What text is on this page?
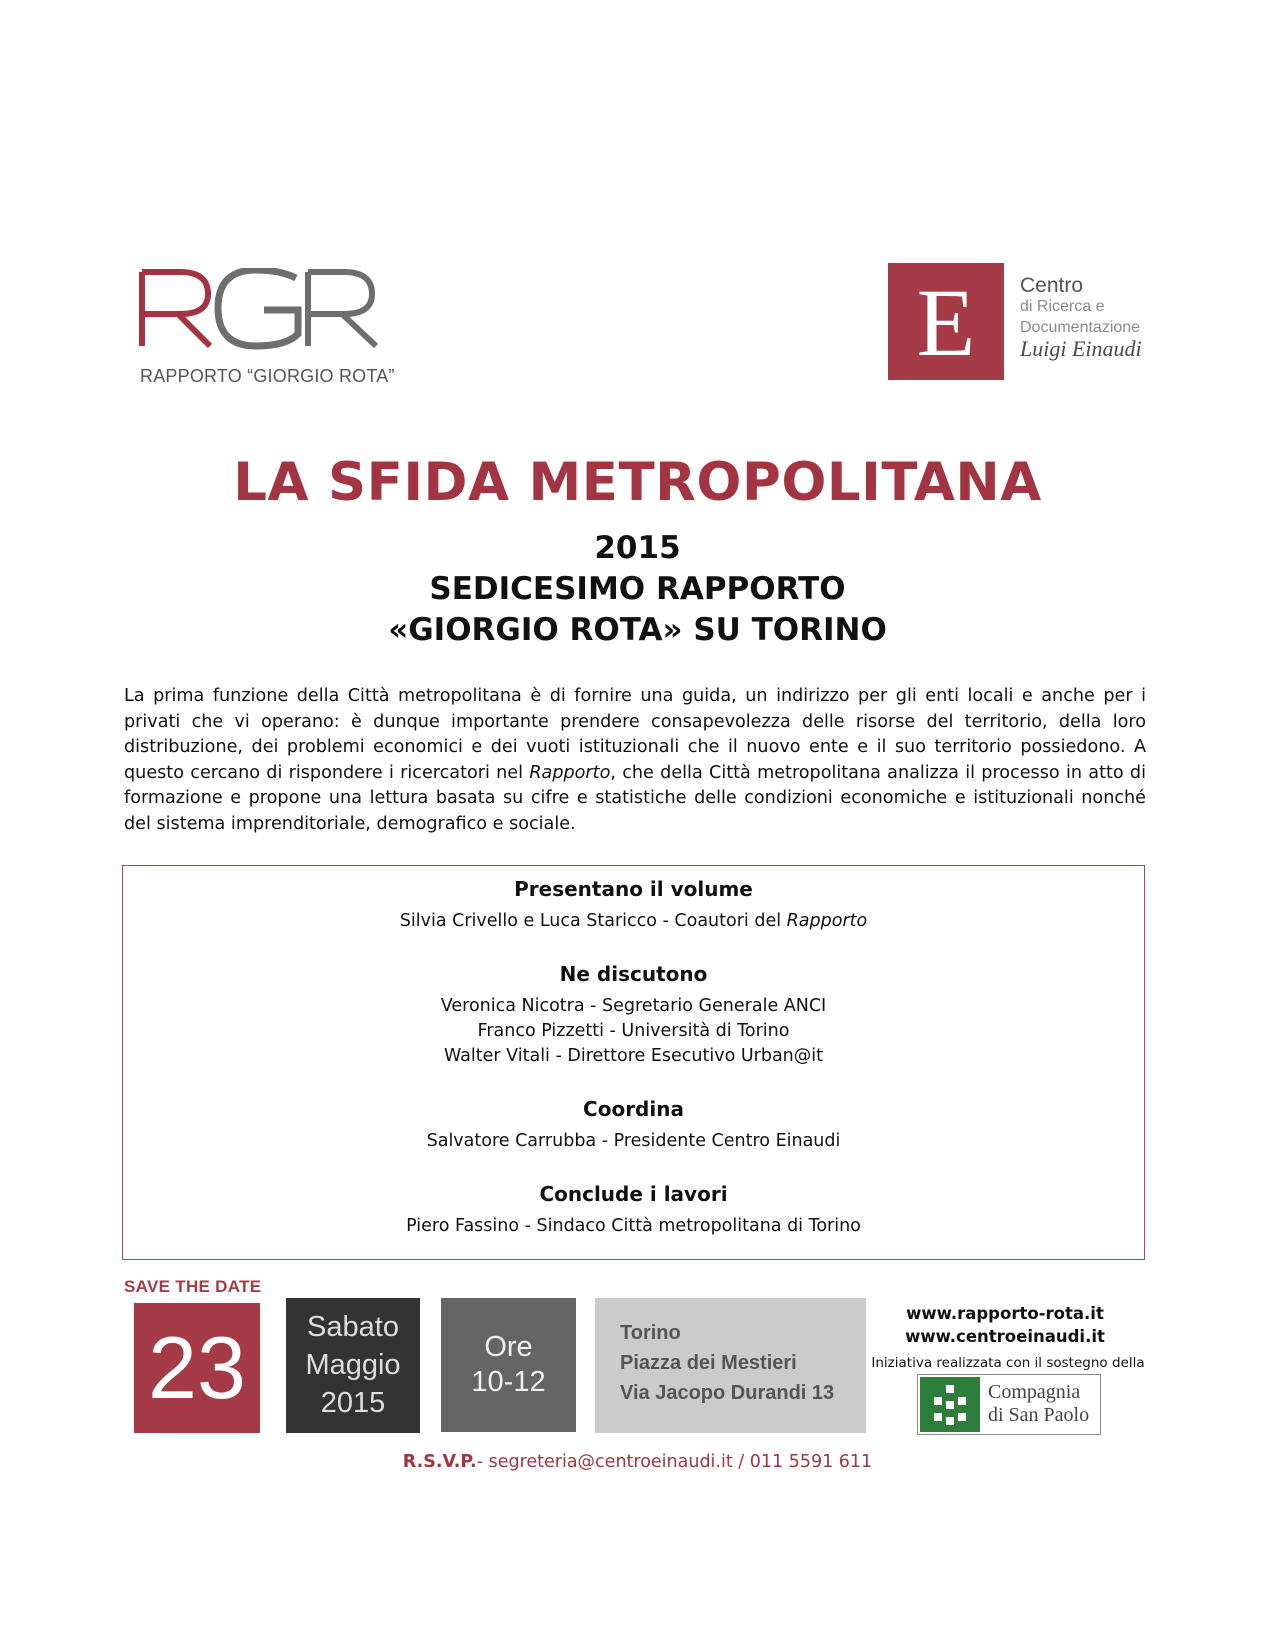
RAPPORTO “GIORGIO ROTA”	E Centro
di Ricerca e
Documentazione
Luigi Einaudi
LA SFIDA METROPOLITANA
2015
SEDICESIMO RAPPORTO
«GIORGIO ROTA» SU TORINO
La prima funzione della Città metropolitana è di fornire una guida, un indirizzo per gli enti locali e anche per i privati che vi operano: è dunque importante prendere consapevolezza delle risorse del territorio, della loro distribuzione, dei problemi economici e dei vuoti istituzionali che il nuovo ente e il suo territorio possiedono. A questo cercano di rispondere i ricercatori nel Rapporto, che della Città metropolitana analizza il processo in atto di formazione e propone una lettura basata su cifre e statistiche delle condizioni economiche e istituzionali nonché del sistema imprenditoriale, demografico e sociale.
Presentano il volume
Silvia Crivello e Luca Staricco - Coautori del Rapporto
Ne discutono
Veronica Nicotra - Segretario Generale ANCI
Franco Pizzetti - Università di Torino
Walter Vitali - Direttore Esecutivo Urban@it
Coordina
Salvatore Carrubba - Presidente Centro Einaudi
Conclude i lavori
Piero Fassino - Sindaco Città metropolitana di Torino
SAVE THE DATE
23	Sabato
Maggio
2015
Ore
10-12
Torino
Piazza dei Mestieri
Via Jacopo Durandi 13
www.rapporto-rota.it
www.centroeinaudi.it
Iniziativa realizzata con il sostegno della
Compagnia
di San Paolo
R.S.V.P.- segreteria@centroeinaudi.it / 011 5591 611
